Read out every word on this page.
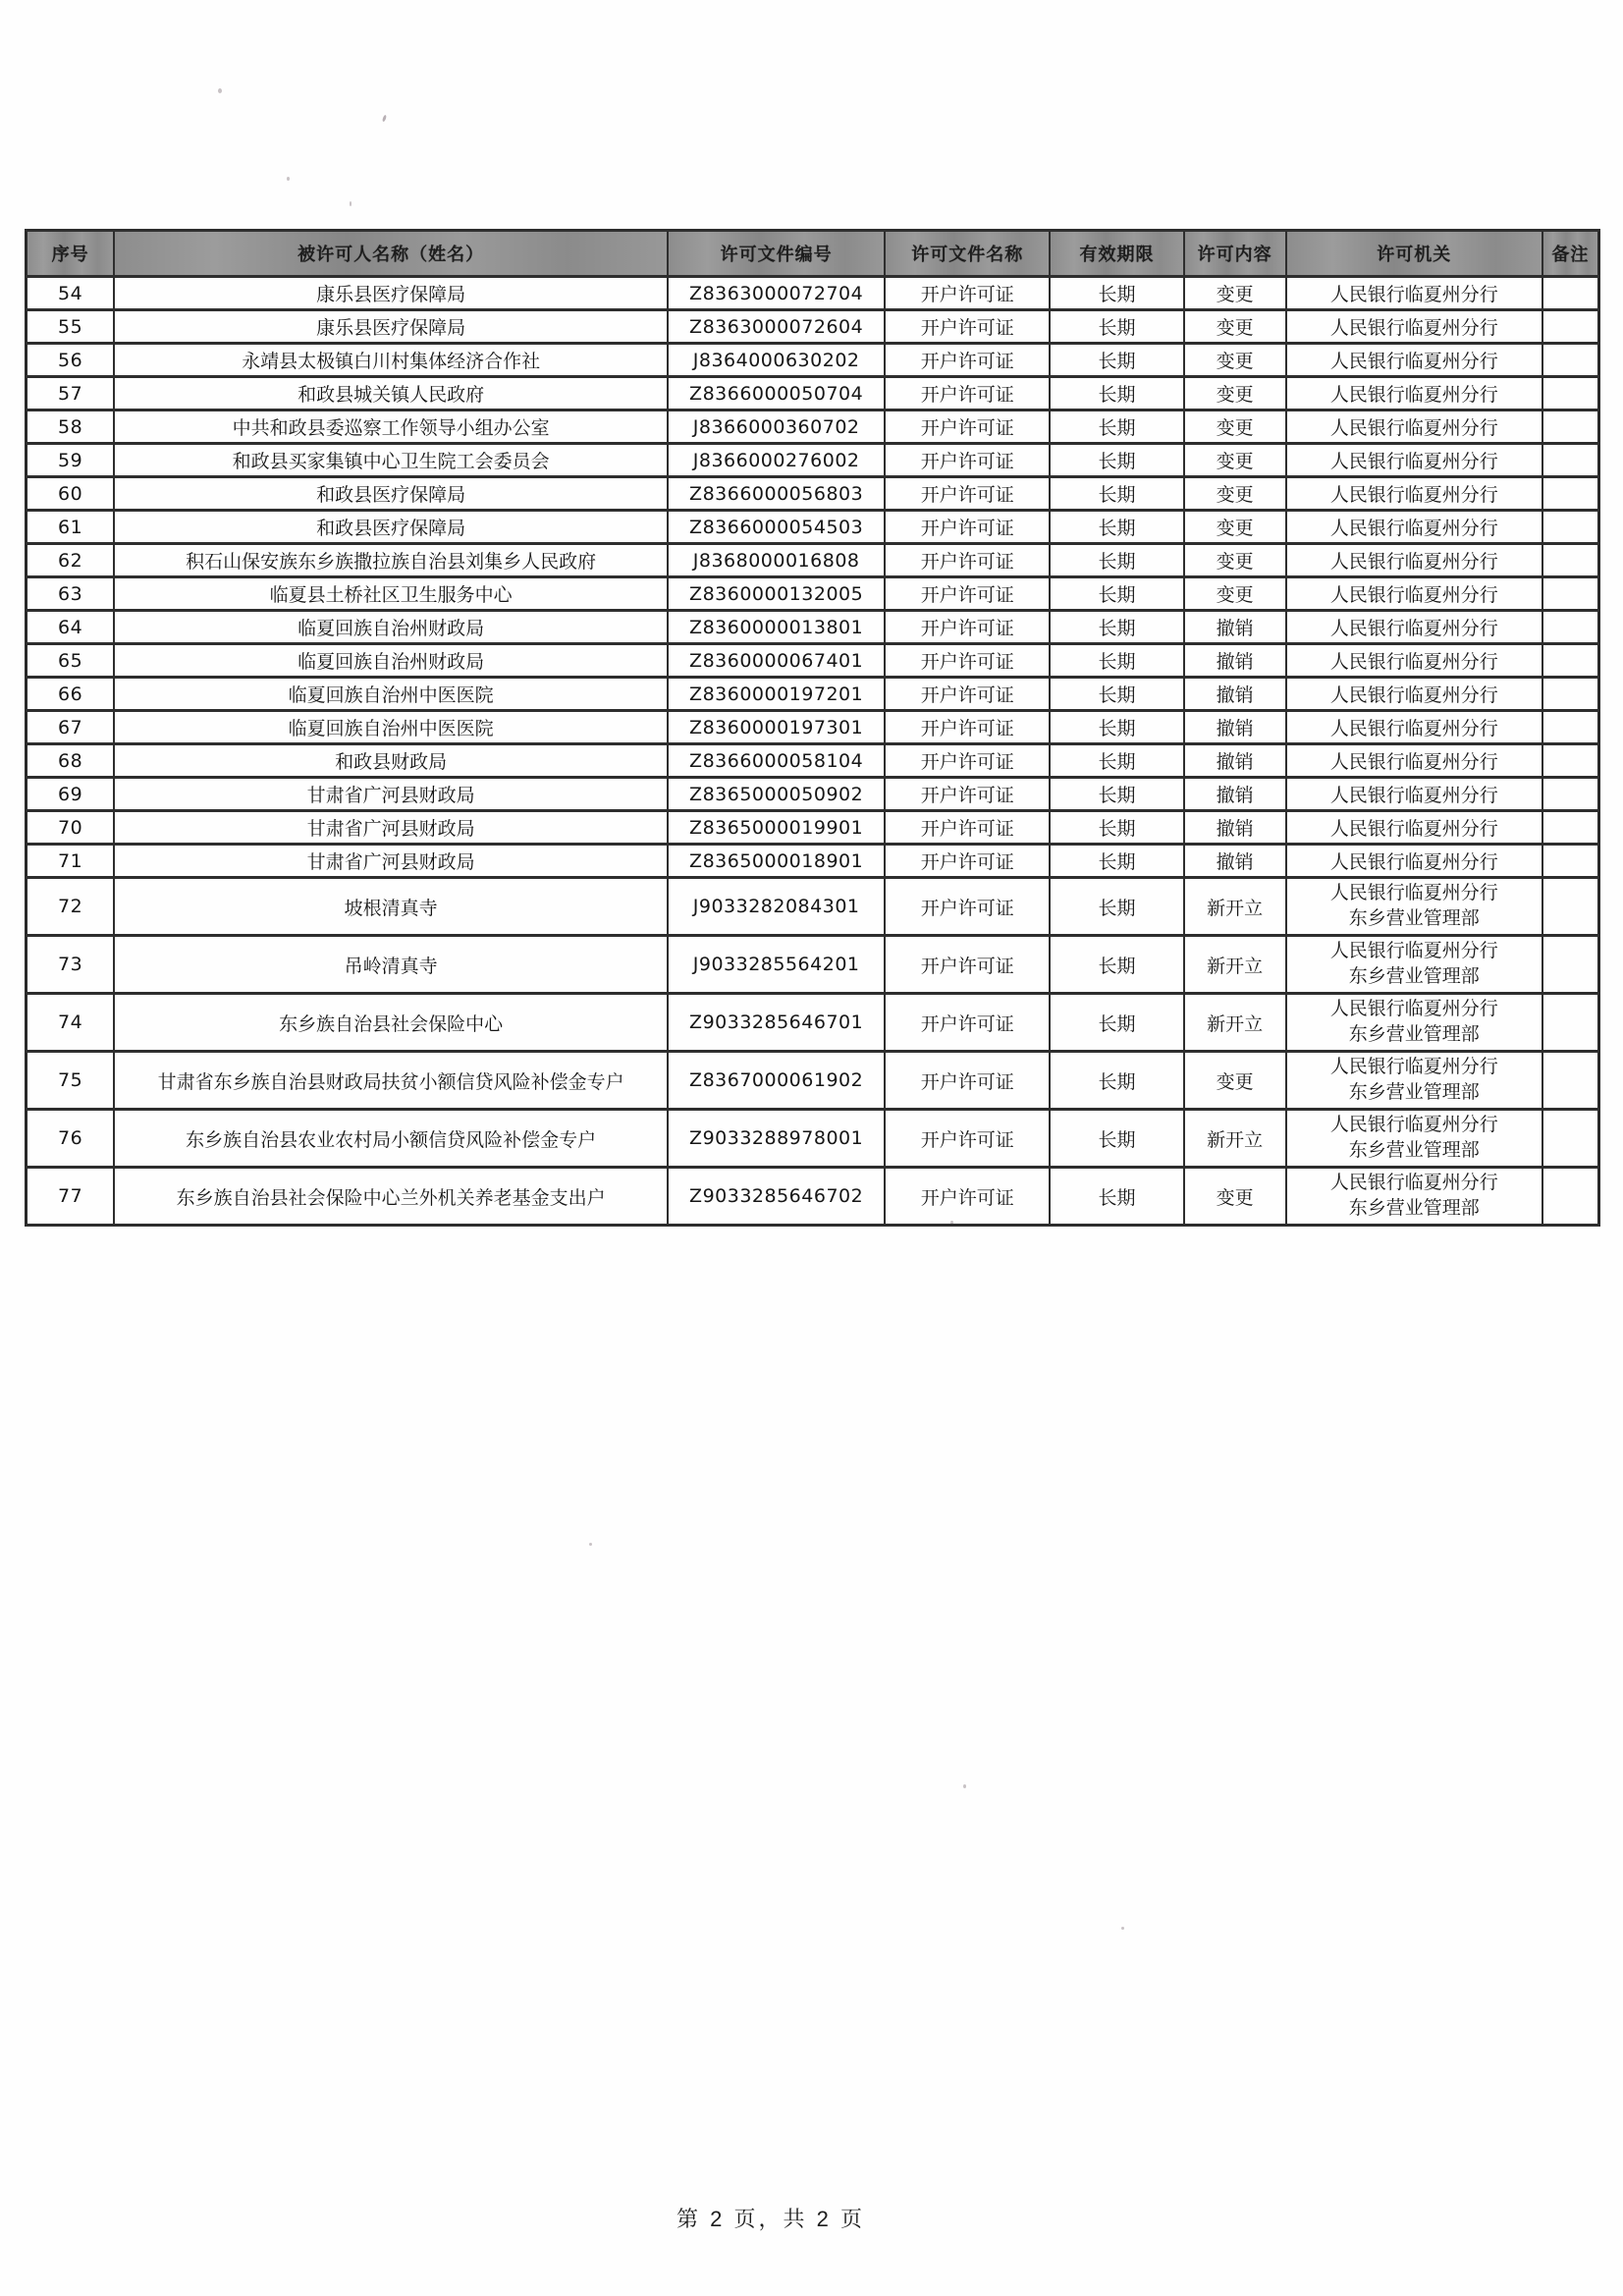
序号	被许可人名称（姓名）	许可文件编号	许可文件名称	有效期限	许可内容	许可机关	备注
54	康乐县医疗保障局	Z8363000072704	开户许可证	长期	变更	人民银行临夏州分行	
55	康乐县医疗保障局	Z8363000072604	开户许可证	长期	变更	人民银行临夏州分行	
56	永靖县太极镇白川村集体经济合作社	J8364000630202	开户许可证	长期	变更	人民银行临夏州分行	
57	和政县城关镇人民政府	Z8366000050704	开户许可证	长期	变更	人民银行临夏州分行	
58	中共和政县委巡察工作领导小组办公室	J8366000360702	开户许可证	长期	变更	人民银行临夏州分行	
59	和政县买家集镇中心卫生院工会委员会	J8366000276002	开户许可证	长期	变更	人民银行临夏州分行	
60	和政县医疗保障局	Z8366000056803	开户许可证	长期	变更	人民银行临夏州分行	
61	和政县医疗保障局	Z8366000054503	开户许可证	长期	变更	人民银行临夏州分行	
62	积石山保安族东乡族撒拉族自治县刘集乡人民政府	J8368000016808	开户许可证	长期	变更	人民银行临夏州分行	
63	临夏县土桥社区卫生服务中心	Z8360000132005	开户许可证	长期	变更	人民银行临夏州分行	
64	临夏回族自治州财政局	Z8360000013801	开户许可证	长期	撤销	人民银行临夏州分行	
65	临夏回族自治州财政局	Z8360000067401	开户许可证	长期	撤销	人民银行临夏州分行	
66	临夏回族自治州中医医院	Z8360000197201	开户许可证	长期	撤销	人民银行临夏州分行	
67	临夏回族自治州中医医院	Z8360000197301	开户许可证	长期	撤销	人民银行临夏州分行	
68	和政县财政局	Z8366000058104	开户许可证	长期	撤销	人民银行临夏州分行	
69	甘肃省广河县财政局	Z8365000050902	开户许可证	长期	撤销	人民银行临夏州分行	
70	甘肃省广河县财政局	Z8365000019901	开户许可证	长期	撤销	人民银行临夏州分行	
71	甘肃省广河县财政局	Z8365000018901	开户许可证	长期	撤销	人民银行临夏州分行	
72	坡根清真寺	J9033282084301	开户许可证	长期	新开立	人民银行临夏州分行
东乡营业管理部	

73	吊岭清真寺	J9033285564201	开户许可证	长期	新开立	人民银行临夏州分行
东乡营业管理部	

74	东乡族自治县社会保险中心	Z9033285646701	开户许可证	长期	新开立	人民银行临夏州分行
东乡营业管理部	

75	甘肃省东乡族自治县财政局扶贫小额信贷风险补偿金专户	Z8367000061902	开户许可证	长期	变更	人民银行临夏州分行
东乡营业管理部	

76	东乡族自治县农业农村局小额信贷风险补偿金专户	Z9033288978001	开户许可证	长期	新开立	人民银行临夏州分行
东乡营业管理部	

77	东乡族自治县社会保险中心兰外机关养老基金支出户	Z9033285646702	开户许可证	长期	变更	人民银行临夏州分行
东乡营业管理部	

第 2 页，共 2 页
